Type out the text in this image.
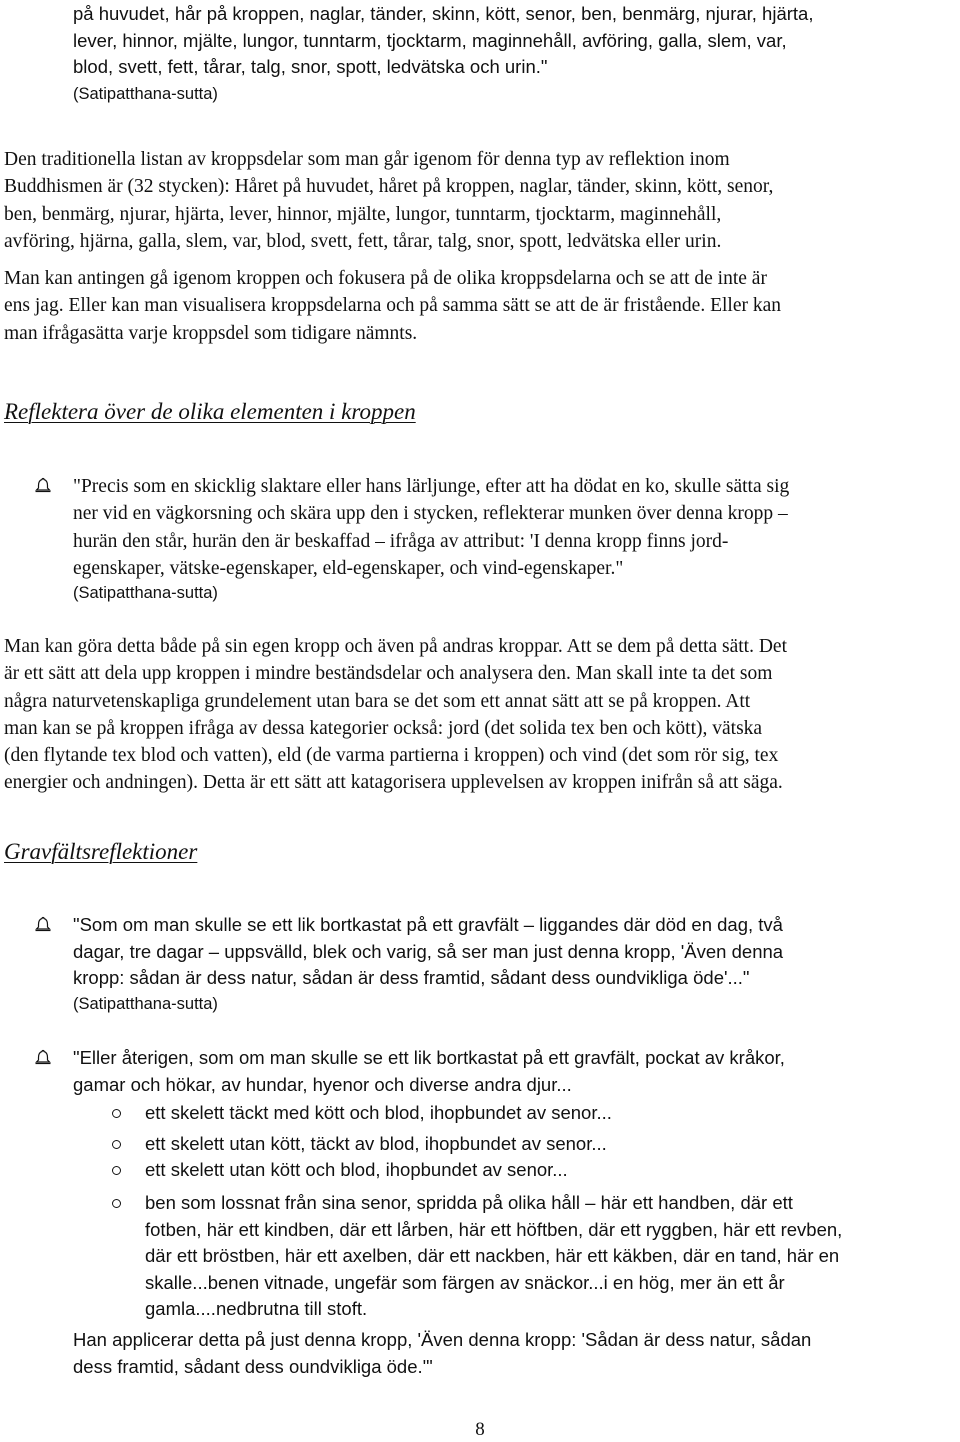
på huvudet, hår på kroppen, naglar, tänder, skinn, kött, senor, ben, benmärg, njurar, hjärta,
lever, hinnor, mjälte, lungor, tunntarm, tjocktarm, maginnehåll, avföring, galla, slem, var,
blod, svett, fett, tårar, talg, snor, spott, ledvätska och urin."
(Satipatthana-sutta)
Den traditionella listan av kroppsdelar som man går igenom för denna typ av reflektion inom
Buddhismen är (32 stycken): Håret på huvudet, håret på kroppen, naglar, tänder, skinn, kött, senor,
ben, benmärg, njurar, hjärta, lever, hinnor, mjälte, lungor, tunntarm, tjocktarm, maginnehåll,
avföring, hjärna, galla, slem, var, blod, svett, fett, tårar, talg, snor, spott, ledvätska eller urin.
Man kan antingen gå igenom kroppen och fokusera på de olika kroppsdelarna och se att de inte är
ens jag. Eller kan man visualisera kroppsdelarna och på samma sätt se att de är fristående. Eller kan
man ifrågasätta varje kroppsdel som tidigare nämnts.
Reflektera över de olika elementen i kroppen
"Precis som en skicklig slaktare eller hans lärljunge, efter att ha dödat en ko, skulle sätta sig
ner vid en vägkorsning och skära upp den i stycken, reflekterar munken över denna kropp –
hurän den står, hurän den är beskaffad – ifråga av attribut: 'I denna kropp finns jord-
egenskaper, vätske-egenskaper, eld-egenskaper, och vind-egenskaper."
(Satipatthana-sutta)
Man kan göra detta både på sin egen kropp och även på andras kroppar. Att se dem på detta sätt. Det
är ett sätt att dela upp kroppen i mindre beständsdelar och analysera den. Man skall inte ta det som
några naturvetenskapliga grundelement utan bara se det som ett annat sätt att se på kroppen. Att
man kan se på kroppen ifråga av dessa kategorier också: jord (det solida tex ben och kött), vätska
(den flytande tex blod och vatten), eld (de varma partierna i kroppen) och vind (det som rör sig, tex
energier och andningen). Detta är ett sätt att katagorisera upplevelsen av kroppen inifrån så att säga.
Gravfältsreflektioner
"Som om man skulle se ett lik bortkastat på ett gravfält – liggandes där död en dag, två
dagar, tre dagar – uppsvälld, blek och varig, så ser man just denna kropp, 'Även denna
kropp: sådan är dess natur, sådan är dess framtid, sådant dess oundvikliga öde'..."
(Satipatthana-sutta)
"Eller återigen, som om man skulle se ett lik bortkastat på ett gravfält, pockat av kråkor,
gamar och hökar, av hundar, hyenor och diverse andra djur...
ett skelett täckt med kött och blod, ihopbundet av senor...
ett skelett utan kött, täckt av blod, ihopbundet av senor...
ett skelett utan kött och blod, ihopbundet av senor...
ben som lossnat från sina senor, spridda på olika håll – här ett handben, där ett
fotben, här ett kindben, där ett lårben, här ett höftben, där ett ryggben, här ett revben,
där ett bröstben, här ett axelben, där ett nackben, här ett käkben, där en tand, här en
skalle...benen vitnade, ungefär som färgen av snäckor...i en hög, mer än ett år
gamla....nedbrutna till stoft.
Han applicerar detta på just denna kropp, 'Även denna kropp: 'Sådan är dess natur, sådan
dess framtid, sådant dess oundvikliga öde.'"
8
